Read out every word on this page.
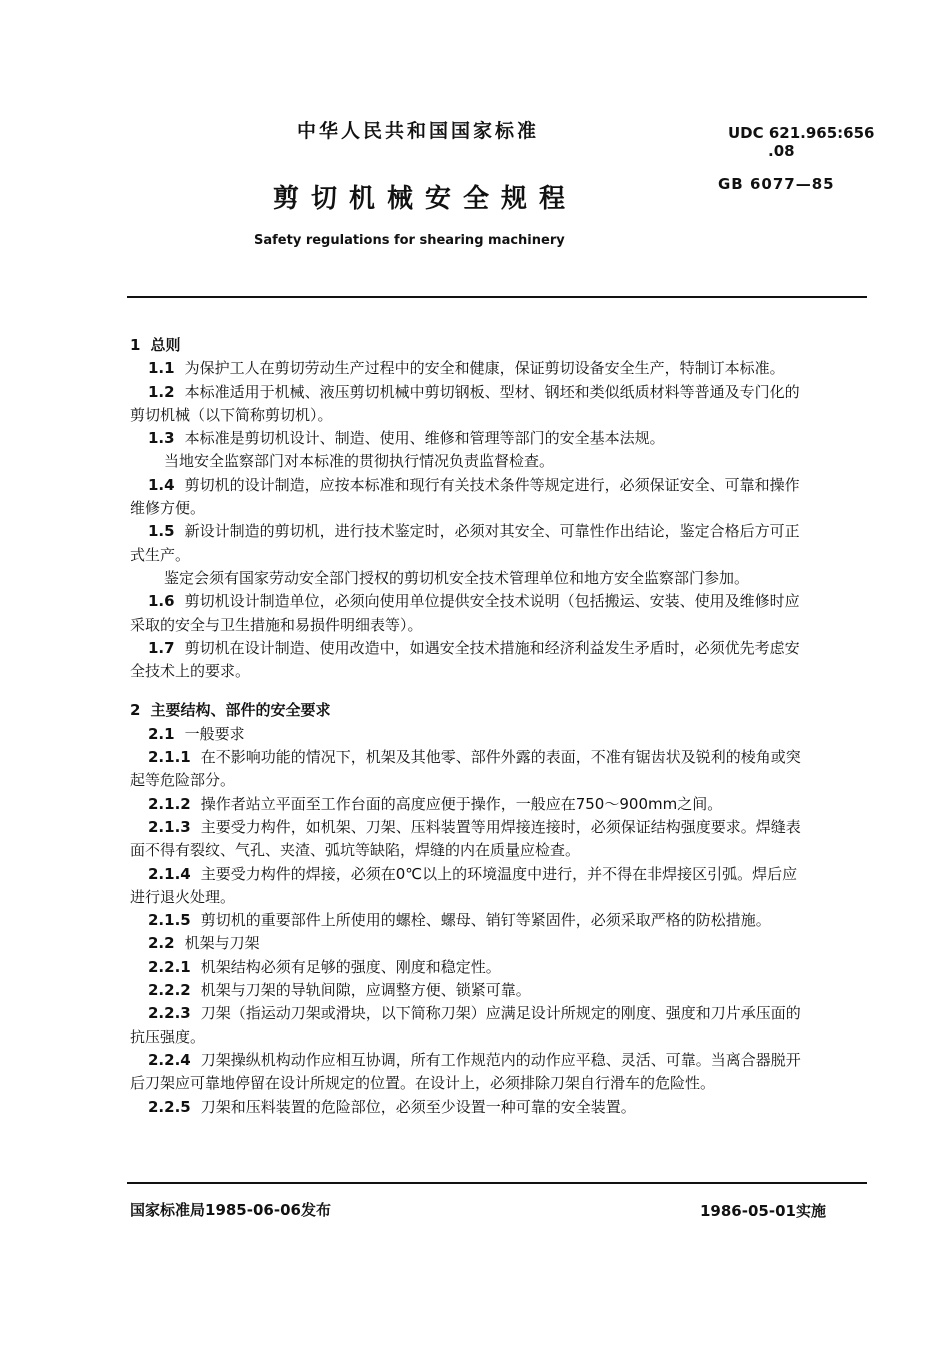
中华人民共和国国家标准	UDC 621.965:656
.08
剪切机械安全规程	GB 6077—85
Safety regulations for shearing machinery
1 总则
1.1 为保护工人在剪切劳动生产过程中的安全和健康，保证剪切设备安全生产，特制订本标准。
1.2 本标准适用于机械、液压剪切机械中剪切钢板、型材、钢坯和类似纸质材料等普通及专门化的
剪切机械（以下简称剪切机）。
1.3 本标准是剪切机设计、制造、使用、维修和管理等部门的安全基本法规。
当地安全监察部门对本标准的贯彻执行情况负责监督检查。
1.4 剪切机的设计制造，应按本标准和现行有关技术条件等规定进行，必须保证安全、可靠和操作
维修方便。
1.5 新设计制造的剪切机，进行技术鉴定时，必须对其安全、可靠性作出结论，鉴定合格后方可正
式生产。
鉴定会须有国家劳动安全部门授权的剪切机安全技术管理单位和地方安全监察部门参加。
1.6 剪切机设计制造单位，必须向使用单位提供安全技术说明（包括搬运、安装、使用及维修时应
采取的安全与卫生措施和易损件明细表等）。
1.7 剪切机在设计制造、使用改造中，如遇安全技术措施和经济利益发生矛盾时，必须优先考虑安
全技术上的要求。
2 主要结构、部件的安全要求
2.1 一般要求
2.1.1 在不影响功能的情况下，机架及其他零、部件外露的表面，不准有锯齿状及锐利的棱角或突
起等危险部分。
2.1.2 操作者站立平面至工作台面的高度应便于操作，一般应在750～900mm之间。
2.1.3 主要受力构件，如机架、刀架、压料装置等用焊接连接时，必须保证结构强度要求。焊缝表
面不得有裂纹、气孔、夹渣、弧坑等缺陷，焊缝的内在质量应检查。
2.1.4 主要受力构件的焊接，必须在0℃以上的环境温度中进行，并不得在非焊接区引弧。焊后应
进行退火处理。
2.1.5 剪切机的重要部件上所使用的螺栓、螺母、销钉等紧固件，必须采取严格的防松措施。
2.2 机架与刀架
2.2.1 机架结构必须有足够的强度、刚度和稳定性。
2.2.2 机架与刀架的导轨间隙，应调整方便、锁紧可靠。
2.2.3 刀架（指运动刀架或滑块，以下简称刀架）应满足设计所规定的刚度、强度和刀片承压面的
抗压强度。
2.2.4 刀架操纵机构动作应相互协调，所有工作规范内的动作应平稳、灵活、可靠。当离合器脱开
后刀架应可靠地停留在设计所规定的位置。在设计上，必须排除刀架自行滑车的危险性。
2.2.5 刀架和压料装置的危险部位，必须至少设置一种可靠的安全装置。
国家标准局1985-06-06发布	1986-05-01实施
